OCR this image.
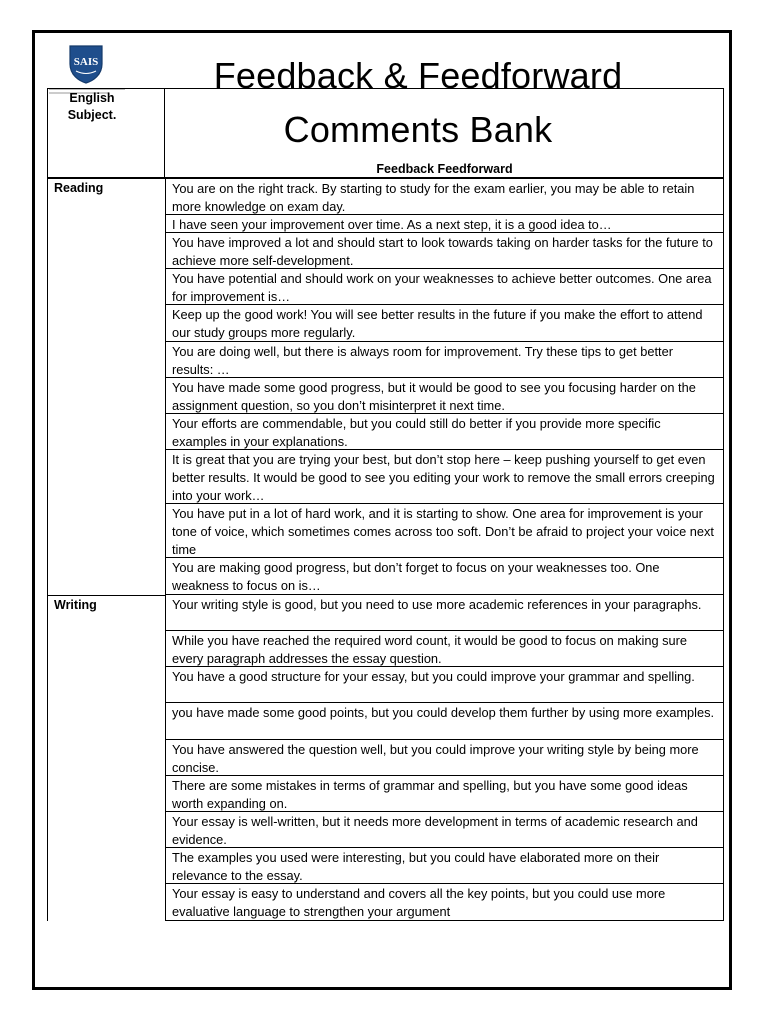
SAIS	Feedback & Feedforward
Comments Bank
English Subject.
Feedback Feedforward
Reading	You are on the right track. By starting to study for the exam earlier, you may be able to retain more knowledge on exam day.
I have seen your improvement over time. As a next step, it is a good idea to…
You have improved a lot and should start to look towards taking on harder tasks for the future to achieve more self-development.
You have potential and should work on your weaknesses to achieve better outcomes. One area for improvement is…
Keep up the good work! You will see better results in the future if you make the effort to attend our study groups more regularly.
You are doing well, but there is always room for improvement. Try these tips to get better results: …
You have made some good progress, but it would be good to see you focusing harder on the assignment question, so you don’t misinterpret it next time.
Your efforts are commendable, but you could still do better if you provide more specific examples in your explanations.
It is great that you are trying your best, but don’t stop here – keep pushing yourself to get even better results. It would be good to see you editing your work to remove the small errors creeping into your work…
You have put in a lot of hard work, and it is starting to show. One area for improvement is your tone of voice, which sometimes comes across too soft. Don’t be afraid to project your voice next time
You are making good progress, but don’t forget to focus on your weaknesses too. One weakness to focus on is…
Writing	Your writing style is good, but you need to use more academic references in your paragraphs.
While you have reached the required word count, it would be good to focus on making sure every paragraph addresses the essay question.
You have a good structure for your essay, but you could improve your grammar and spelling.
you have made some good points, but you could develop them further by using more examples.
You have answered the question well, but you could improve your writing style by being more concise.
There are some mistakes in terms of grammar and spelling, but you have some good ideas worth expanding on.
Your essay is well-written, but it needs more development in terms of academic research and evidence.
The examples you used were interesting, but you could have elaborated more on their relevance to the essay.
Your essay is easy to understand and covers all the key points, but you could use more evaluative language to strengthen your argument
